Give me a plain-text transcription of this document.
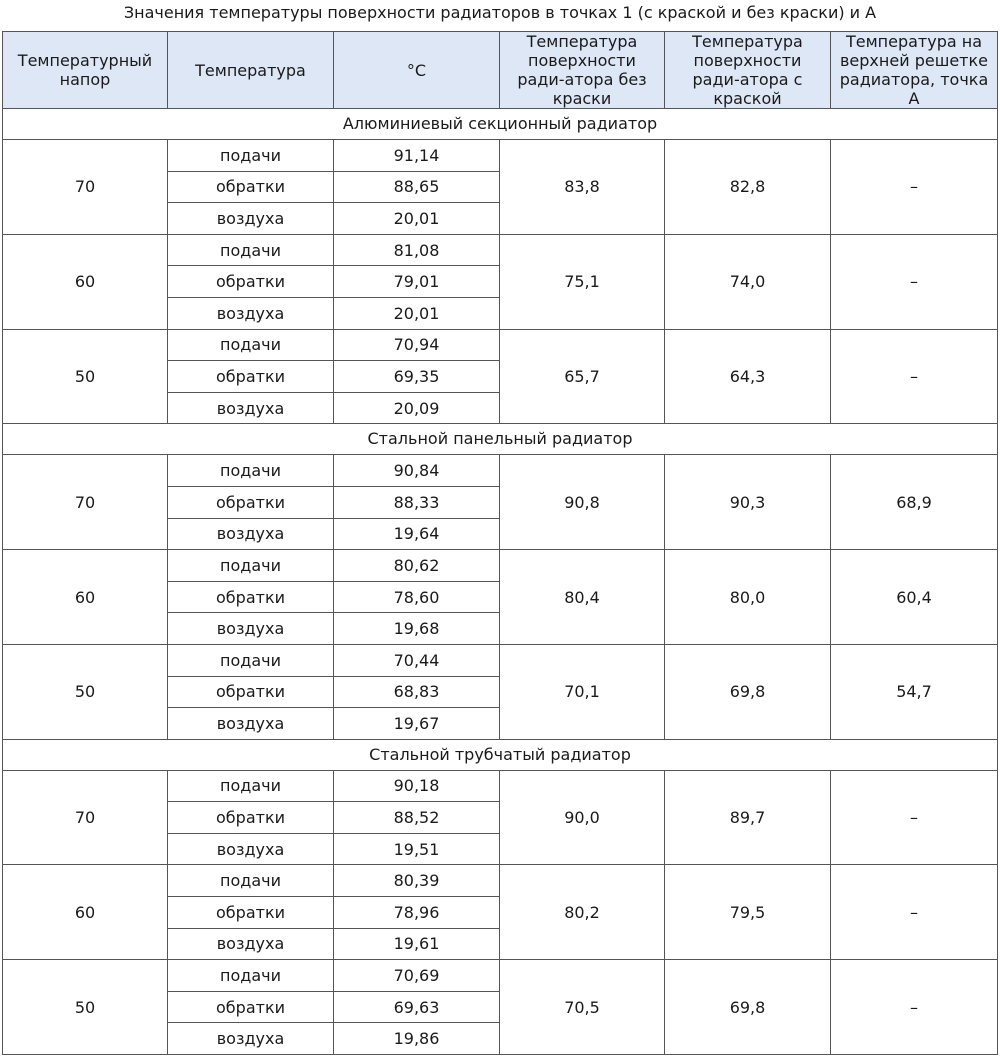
Значения температуры поверхности радиаторов в точках 1 (с краской и без краски) и А
Температурный напор	Температура	°С	Температура поверхности ради-атора без краски	Температура поверхности ради-атора с краской	Температура на верхней решетке радиатора, точка А
Алюминиевый секционный радиатор					
70	подачи	91,14	83,8	82,8	–
	обратки	88,65			
	воздуха	20,01			
60	подачи	81,08	75,1	74,0	–
	обратки	79,01			
	воздуха	20,01			
50	подачи	70,94	65,7	64,3	–
	обратки	69,35			
	воздуха	20,09			
Стальной панельный радиатор					
70	подачи	90,84	90,8	90,3	68,9
	обратки	88,33			
	воздуха	19,64			
60	подачи	80,62	80,4	80,0	60,4
	обратки	78,60			
	воздуха	19,68			
50	подачи	70,44	70,1	69,8	54,7
	обратки	68,83			
	воздуха	19,67			
Стальной трубчатый радиатор					
70	подачи	90,18	90,0	89,7	–
	обратки	88,52			
	воздуха	19,51			
60	подачи	80,39	80,2	79,5	–
	обратки	78,96			
	воздуха	19,61			
50	подачи	70,69	70,5	69,8	–
	обратки	69,63			
	воздуха	19,86			
